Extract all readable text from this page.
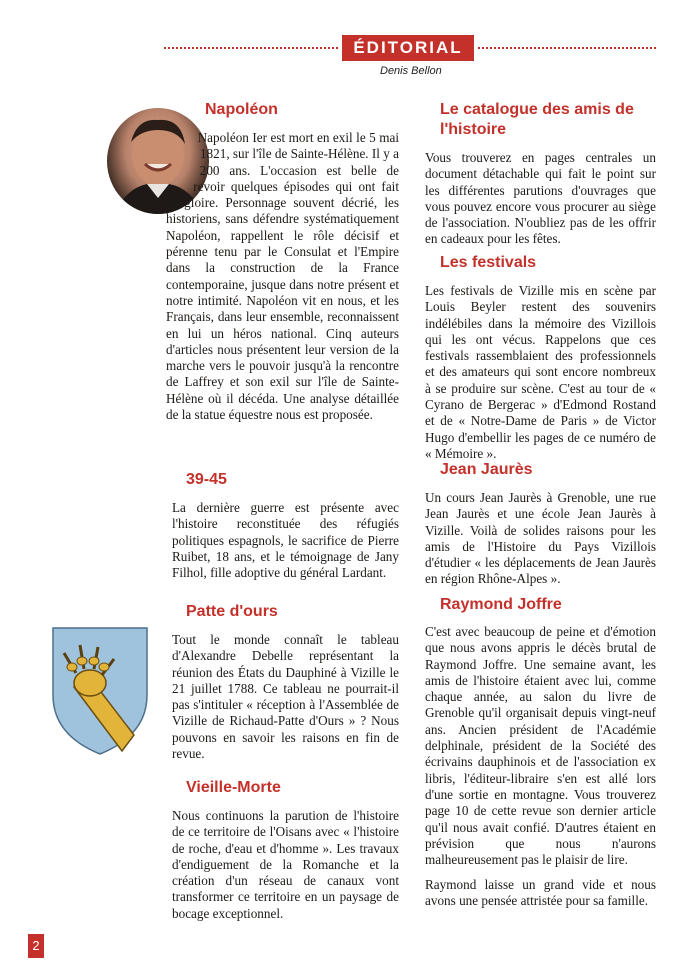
ÉDITORIAL
Denis Bellon
Napoléon

Napoléon Ier est mort en exil le 5 mai 1821, sur l'île de Sainte-Hélène. Il y a 200 ans. L'occasion est belle de revoir quelques épisodes qui ont fait sa gloire. Personnage souvent décrié, les historiens, sans défendre systématiquement Napoléon, rappellent le rôle décisif et pérenne tenu par le Consulat et l'Empire dans la construction de la France contemporaine, jusque dans notre présent et notre intimité. Napoléon vit en nous, et les Français, dans leur ensemble, reconnaissent en lui un héros national. Cinq auteurs d'articles nous présentent leur version de la marche vers le pouvoir jusqu'à la rencontre de Laffrey et son exil sur l'île de Sainte-Hélène où il décéda. Une analyse détaillée de la statue équestre nous est proposée.

39-45

La dernière guerre est présente avec l'histoire reconstituée des réfugiés politiques espagnols, le sacrifice de Pierre Ruibet, 18 ans, et le témoignage de Jany Filhol, fille adoptive du général Lardant.

Patte d'ours

Tout le monde connaît le tableau d'Alexandre Debelle représentant la réunion des États du Dauphiné à Vizille le 21 juillet 1788. Ce tableau ne pourrait-il pas s'intituler « réception à l'Assemblée de Vizille de Richaud-Patte d'Ours » ? Nous pouvons en savoir les raisons en fin de revue.

Vieille-Morte

Nous continuons la parution de l'histoire de ce territoire de l'Oisans avec « l'histoire de roche, d'eau et d'homme ». Les travaux d'endiguement de la Romanche et la création d'un réseau de canaux vont transformer ce territoire en un paysage de bocage exceptionnel.

Le catalogue des amis de l'histoire

Vous trouverez en pages centrales un document détachable qui fait le point sur les différentes parutions d'ouvrages que vous pouvez encore vous procurer au siège de l'association. N'oubliez pas de les offrir en cadeaux pour les fêtes.

Les festivals

Les festivals de Vizille mis en scène par Louis Beyler restent des souvenirs indélébiles dans la mémoire des Vizillois qui les ont vécus. Rappelons que ces festivals rassemblaient des professionnels et des amateurs qui sont encore nombreux à se produire sur scène. C'est au tour de « Cyrano de Bergerac » d'Edmond Rostand et de « Notre-Dame de Paris » de Victor Hugo d'embellir les pages de ce numéro de « Mémoire ».

Jean Jaurès

Un cours Jean Jaurès à Grenoble, une rue Jean Jaurès et une école Jean Jaurès à Vizille. Voilà de solides raisons pour les amis de l'Histoire du Pays Vizillois d'étudier « les déplacements de Jean Jaurès en région Rhône-Alpes ».

Raymond Joffre

C'est avec beaucoup de peine et d'émotion que nous avons appris le décès brutal de Raymond Joffre. Une semaine avant, les amis de l'histoire étaient avec lui, comme chaque année, au salon du livre de Grenoble qu'il organisait depuis vingt-neuf ans. Ancien président de l'Académie delphinale, président de la Société des écrivains dauphinois et de l'association ex libris, l'éditeur-libraire s'en est allé lors d'une sortie en montagne. Vous trouverez page 10 de cette revue son dernier article qu'il nous avait confié. D'autres étaient en prévision que nous n'aurons malheureusement pas le plaisir de lire.

Raymond laisse un grand vide et nous avons une pensée attristée pour sa famille.

2
